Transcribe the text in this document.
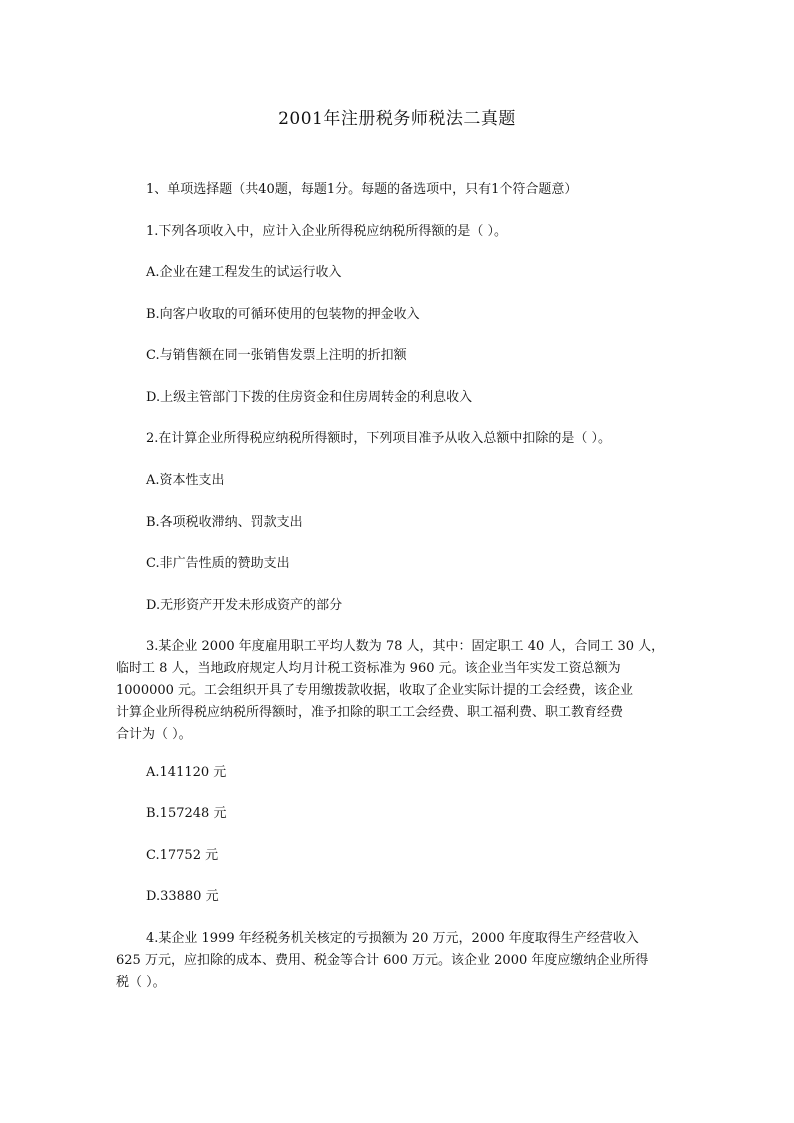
2001年注册税务师税法二真题
1、单项选择题（共40题，每题1分。每题的备选项中，只有1个符合题意）
1.下列各项收入中，应计入企业所得税应纳税所得额的是（ ）。
A.企业在建工程发生的试运行收入
B.向客户收取的可循环使用的包装物的押金收入
C.与销售额在同一张销售发票上注明的折扣额
D.上级主管部门下拨的住房资金和住房周转金的利息收入
2.在计算企业所得税应纳税所得额时，下列项目准予从收入总额中扣除的是（ ）。
A.资本性支出
B.各项税收滞纳、罚款支出
C.非广告性质的赞助支出
D.无形资产开发未形成资产的部分
3.某企业 2000 年度雇用职工平均人数为 78 人，其中：固定职工 40 人，合同工 30 人，
临时工 8 人，当地政府规定人均月计税工资标准为 960 元。该企业当年实发工资总额为
1000000 元。工会组织开具了专用缴拨款收据，收取了企业实际计提的工会经费，该企业
计算企业所得税应纳税所得额时，准予扣除的职工工会经费、职工福利费、职工教育经费
合计为（ ）。
A.141120 元
B.157248 元
C.17752 元
D.33880 元
4.某企业 1999 年经税务机关核定的亏损额为 20 万元，2000 年度取得生产经营收入
625 万元，应扣除的成本、费用、税金等合计 600 万元。该企业 2000 年度应缴纳企业所得
税（ ）。
